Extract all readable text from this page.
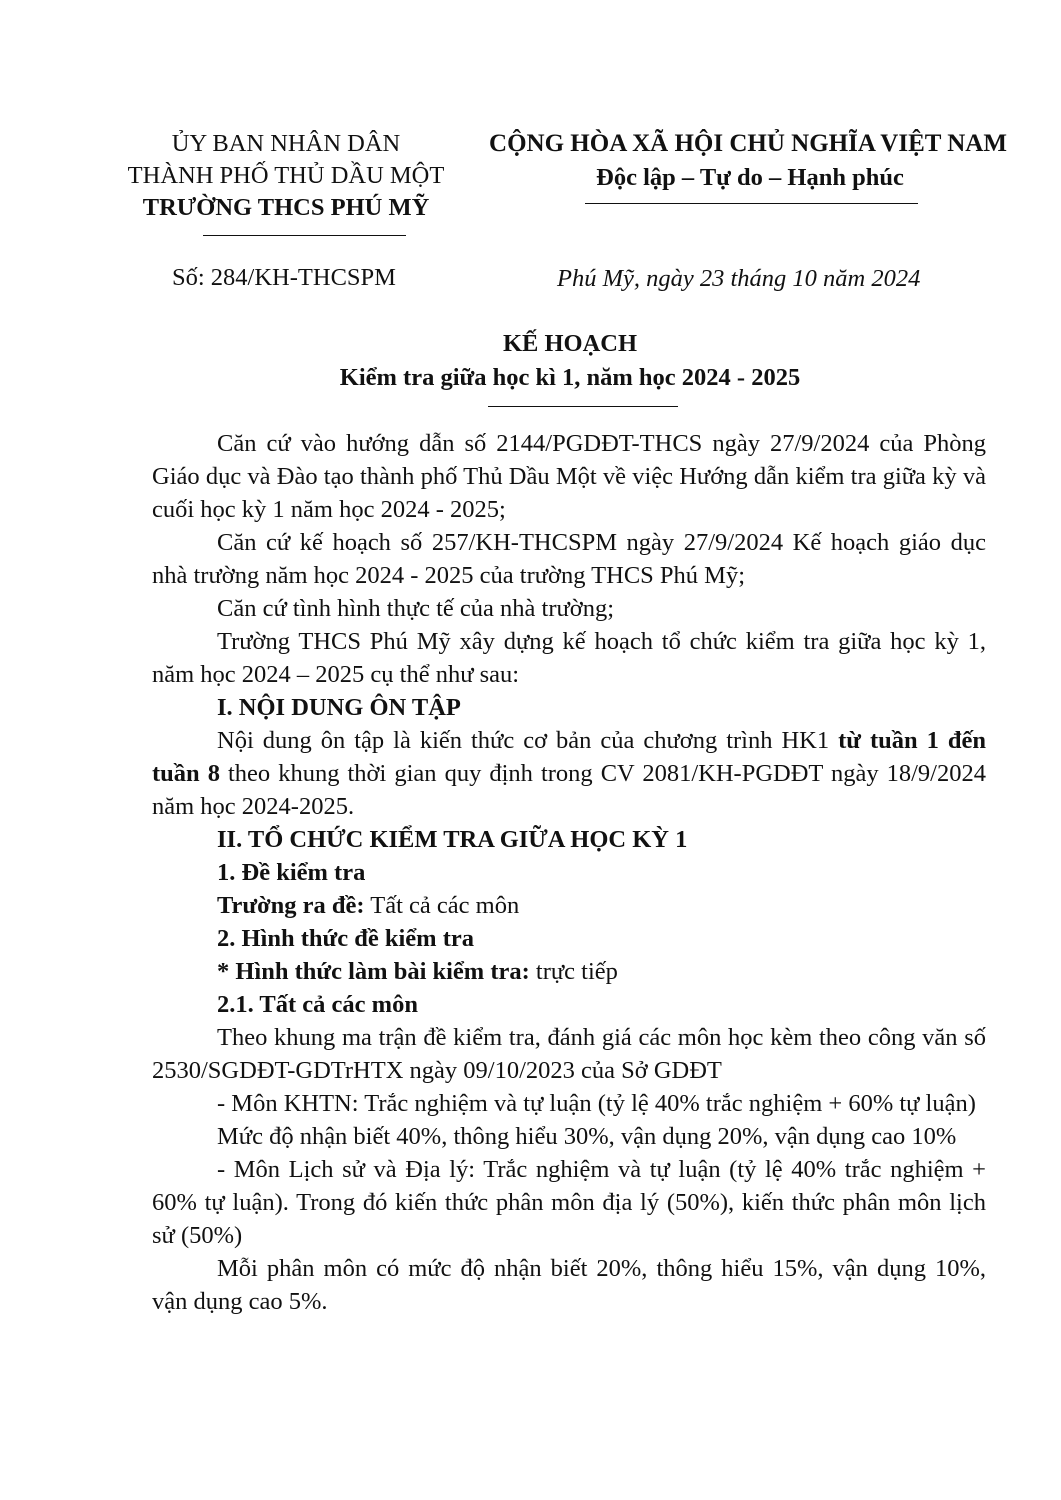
ỦY BAN NHÂN DÂN
THÀNH PHỐ THỦ DẦU MỘT
TRƯỜNG THCS PHÚ MỸ
Số: 284/KH-THCSPM
CỘNG HÒA XÃ HỘI CHỦ NGHĨA VIỆT NAM
Độc lập – Tự do – Hạnh phúc
Phú Mỹ, ngày 23 tháng 10 năm 2024
KẾ HOẠCH
Kiểm tra giữa học kì 1, năm học 2024 - 2025
Căn cứ vào hướng dẫn số 2144/PGDĐT-THCS ngày 27/9/2024 của Phòng Giáo dục và Đào tạo thành phố Thủ Dầu Một về việc Hướng dẫn kiểm tra giữa kỳ và cuối học kỳ 1 năm học 2024 - 2025;
Căn cứ kế hoạch số 257/KH-THCSPM ngày 27/9/2024 Kế hoạch giáo dục nhà trường năm học 2024 - 2025 của trường THCS Phú Mỹ;
Căn cứ tình hình thực tế của nhà trường;
Trường THCS Phú Mỹ xây dựng kế hoạch tổ chức kiểm tra giữa học kỳ 1, năm học 2024 – 2025 cụ thể như sau:
I. NỘI DUNG ÔN TẬP
Nội dung ôn tập là kiến thức cơ bản của chương trình HK1 từ tuần 1 đến tuần 8 theo khung thời gian quy định trong CV 2081/KH-PGDĐT ngày 18/9/2024 năm học 2024-2025.
II. TỔ CHỨC KIỂM TRA GIỮA HỌC KỲ 1
1. Đề kiểm tra
Trường ra đề: Tất cả các môn
2. Hình thức đề kiểm tra
* Hình thức làm bài kiểm tra: trực tiếp
2.1. Tất cả các môn
Theo khung ma trận đề kiểm tra, đánh giá các môn học kèm theo công văn số 2530/SGDĐT-GDTrHTX ngày 09/10/2023 của Sở GDĐT
- Môn KHTN: Trắc nghiệm và tự luận (tỷ lệ 40% trắc nghiệm + 60% tự luận)
Mức độ nhận biết 40%, thông hiểu 30%, vận dụng 20%, vận dụng cao 10%
- Môn Lịch sử và Địa lý: Trắc nghiệm và tự luận (tỷ lệ 40% trắc nghiệm + 60% tự luận). Trong đó kiến thức phân môn địa lý (50%), kiến thức phân môn lịch sử (50%)
Mỗi phân môn có mức độ nhận biết 20%, thông hiểu 15%, vận dụng 10%, vận dụng cao 5%.
